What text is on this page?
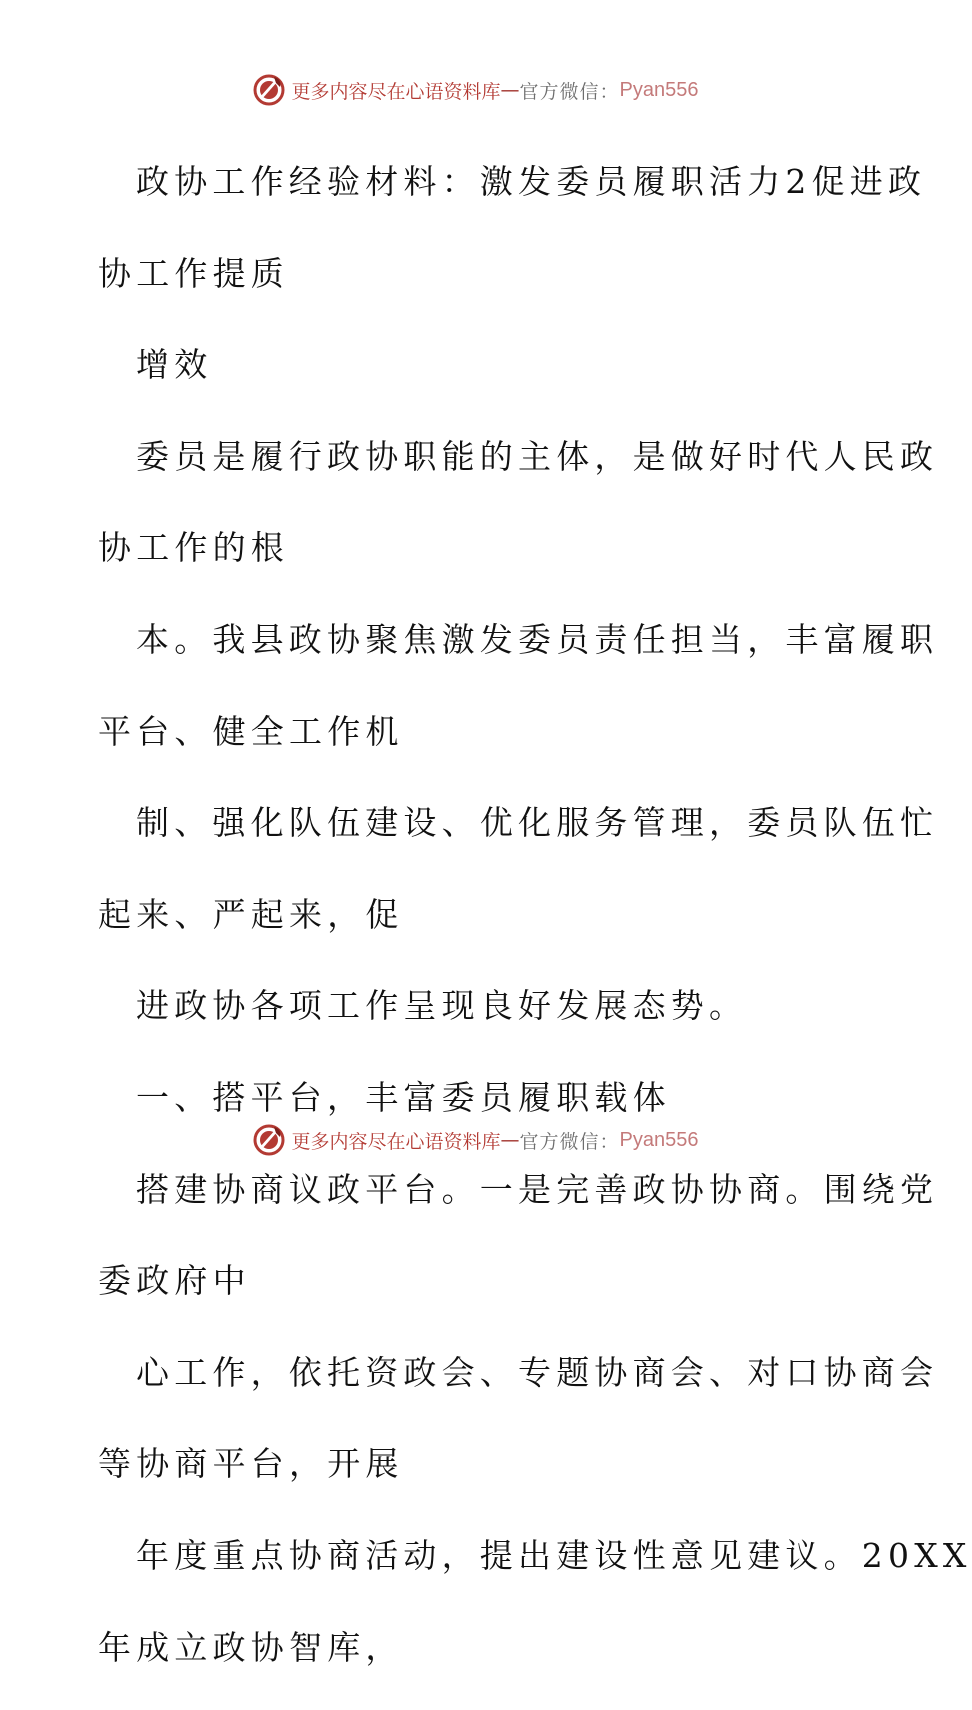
更多内容尽在心语资料库 — 官方微信： Pyan556

政协工作经验材料：激发委员履职活力2促进政

协工作提质

增效

委员是履行政协职能的主体，是做好时代人民政

协工作的根

本。我县政协聚焦激发委员责任担当，丰富履职

平台、健全工作机

制、强化队伍建设、优化服务管理，委员队伍忙

起来、严起来，促

进政协各项工作呈现良好发展态势。

一、搭平台，丰富委员履职载体

搭建协商议政平台。一是完善政协协商。围绕党

委政府中

心工作，依托资政会、专题协商会、对口协商会

等协商平台，开展

年度重点协商活动，提出建设性意见建议。20XX

年成立政协智库，

更多内容尽在心语资料库 — 官方微信： Pyan556
